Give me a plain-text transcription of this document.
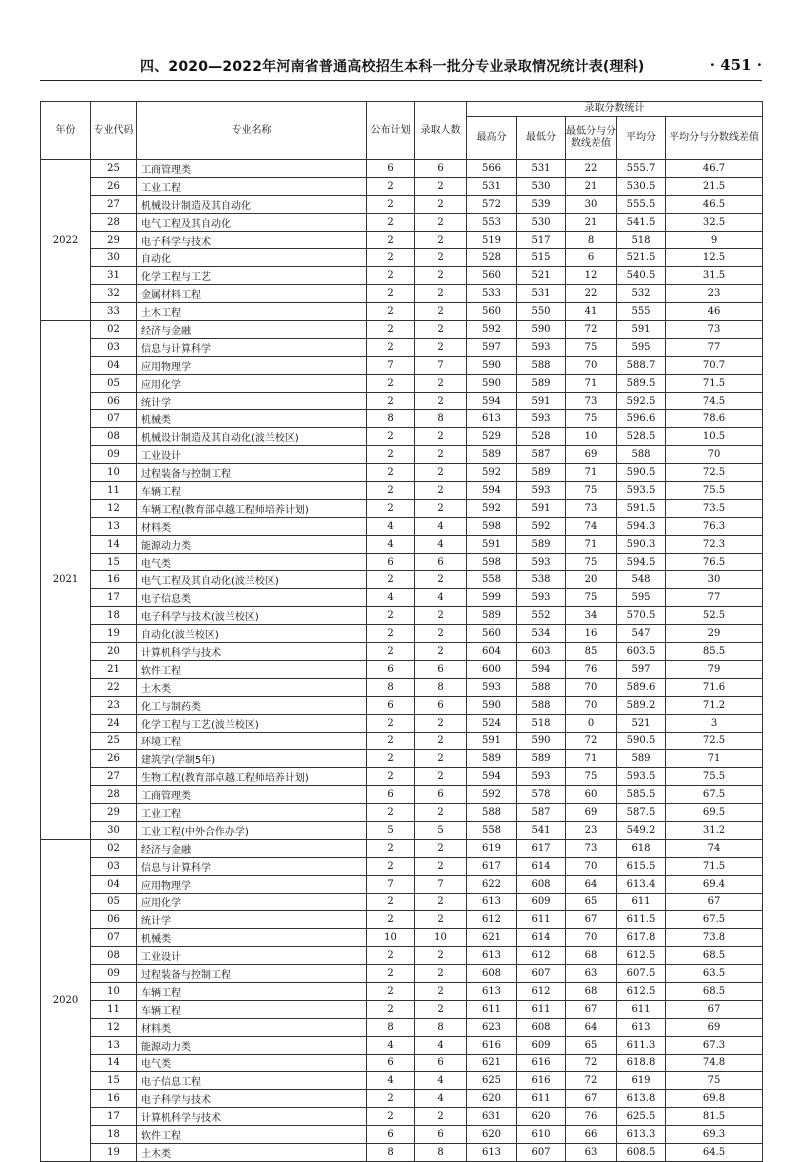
四、2020—2022年河南省普通高校招生本科一批分专业录取情况统计表(理科)	· 451 ·
年份	专业代码	专业名称	公布计划	录取人数	录取分数统计				
					最高分	最低分	最低分与分数线差值	平均分	平均分与分数线差值
2022	25	工商管理类	6	6	566	531	22	555.7	46.7
	26	工业工程	2	2	531	530	21	530.5	21.5
	27	机械设计制造及其自动化	2	2	572	539	30	555.5	46.5
	28	电气工程及其自动化	2	2	553	530	21	541.5	32.5
	29	电子科学与技术	2	2	519	517	8	518	9
	30	自动化	2	2	528	515	6	521.5	12.5
	31	化学工程与工艺	2	2	560	521	12	540.5	31.5
	32	金属材料工程	2	2	533	531	22	532	23
	33	土木工程	2	2	560	550	41	555	46
2021	02	经济与金融	2	2	592	590	72	591	73
	03	信息与计算科学	2	2	597	593	75	595	77
	04	应用物理学	7	7	590	588	70	588.7	70.7
	05	应用化学	2	2	590	589	71	589.5	71.5
	06	统计学	2	2	594	591	73	592.5	74.5
	07	机械类	8	8	613	593	75	596.6	78.6
	08	机械设计制造及其自动化(波兰校区)	2	2	529	528	10	528.5	10.5
	09	工业设计	2	2	589	587	69	588	70
	10	过程装备与控制工程	2	2	592	589	71	590.5	72.5
	11	车辆工程	2	2	594	593	75	593.5	75.5
	12	车辆工程(教育部卓越工程师培养计划)	2	2	592	591	73	591.5	73.5
	13	材料类	4	4	598	592	74	594.3	76.3
	14	能源动力类	4	4	591	589	71	590.3	72.3
	15	电气类	6	6	598	593	75	594.5	76.5
	16	电气工程及其自动化(波兰校区)	2	2	558	538	20	548	30
	17	电子信息类	4	4	599	593	75	595	77
	18	电子科学与技术(波兰校区)	2	2	589	552	34	570.5	52.5
	19	自动化(波兰校区)	2	2	560	534	16	547	29
	20	计算机科学与技术	2	2	604	603	85	603.5	85.5
	21	软件工程	6	6	600	594	76	597	79
	22	土木类	8	8	593	588	70	589.6	71.6
	23	化工与制药类	6	6	590	588	70	589.2	71.2
	24	化学工程与工艺(波兰校区)	2	2	524	518	0	521	3
	25	环境工程	2	2	591	590	72	590.5	72.5
	26	建筑学(学制5年)	2	2	589	589	71	589	71
	27	生物工程(教育部卓越工程师培养计划)	2	2	594	593	75	593.5	75.5
	28	工商管理类	6	6	592	578	60	585.5	67.5
	29	工业工程	2	2	588	587	69	587.5	69.5
	30	工业工程(中外合作办学)	5	5	558	541	23	549.2	31.2
2020	02	经济与金融	2	2	619	617	73	618	74
	03	信息与计算科学	2	2	617	614	70	615.5	71.5
	04	应用物理学	7	7	622	608	64	613.4	69.4
	05	应用化学	2	2	613	609	65	611	67
	06	统计学	2	2	612	611	67	611.5	67.5
	07	机械类	10	10	621	614	70	617.8	73.8
	08	工业设计	2	2	613	612	68	612.5	68.5
	09	过程装备与控制工程	2	2	608	607	63	607.5	63.5
	10	车辆工程	2	2	613	612	68	612.5	68.5
	11	车辆工程	2	2	611	611	67	611	67
	12	材料类	8	8	623	608	64	613	69
	13	能源动力类	4	4	616	609	65	611.3	67.3
	14	电气类	6	6	621	616	72	618.8	74.8
	15	电子信息工程	4	4	625	616	72	619	75
	16	电子科学与技术	2	4	620	611	67	613.8	69.8
	17	计算机科学与技术	2	2	631	620	76	625.5	81.5
	18	软件工程	6	6	620	610	66	613.3	69.3
	19	土木类	8	8	613	607	63	608.5	64.5
